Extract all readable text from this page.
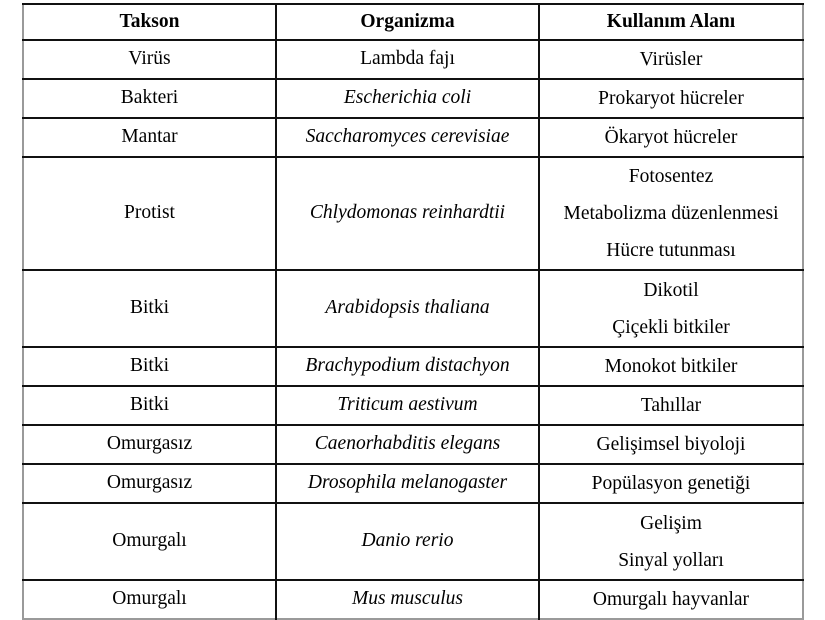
Takson	Organizma	Kullanım Alanı
Virüs	Lambda fajı	Virüsler

Bakteri	Escherichia coli	Prokaryot hücreler

Mantar	Saccharomyces cerevisiae	Ökaryot hücreler

Protist	Chlydomonas reinhardtii	Fotosentez
Metabolizma düzenlenmesi
Hücre tutunması

Bitki	Arabidopsis thaliana	Dikotil
Çiçekli bitkiler

Bitki	Brachypodium distachyon	Monokot bitkiler

Bitki	Triticum aestivum	Tahıllar

Omurgasız	Caenorhabditis elegans	Gelişimsel biyoloji

Omurgasız	Drosophila melanogaster	Popülasyon genetiği

Omurgalı	Danio rerio	Gelişim
Sinyal yolları

Omurgalı	Mus musculus	Omurgalı hayvanlar
